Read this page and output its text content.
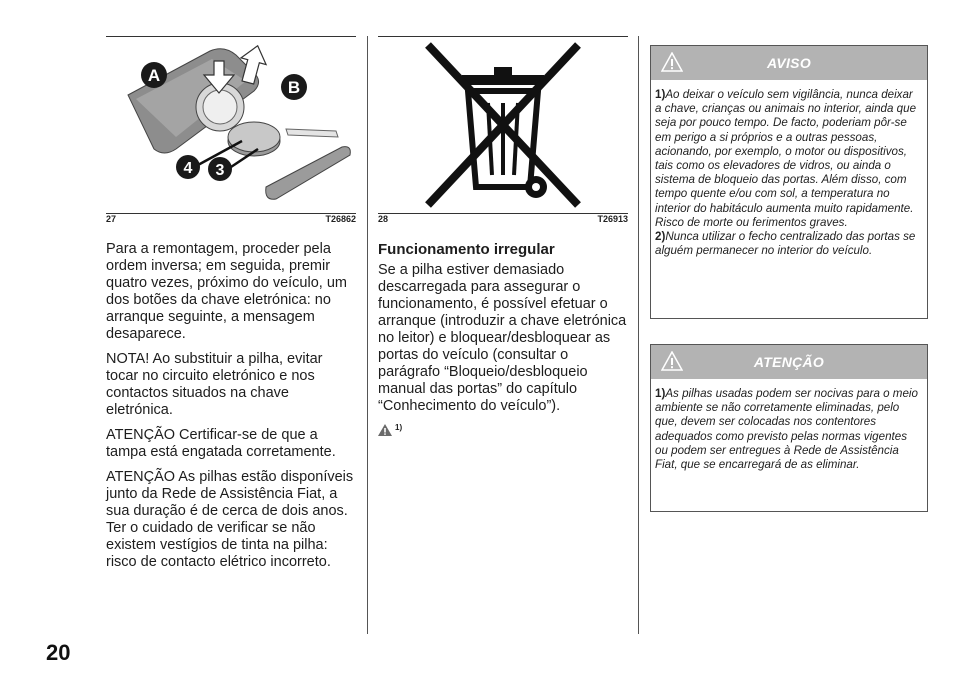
20
A
B
4 3
27	T26862 28	T26913

Para a remontagem, proceder pela ordem inversa; em seguida, premir quatro vezes, próximo do veículo, um dos botões da chave eletrónica: no arranque seguinte, a mensagem desaparece.

NOTA! Ao substituir a pilha, evitar tocar no circuito eletrónico e nos contactos situados na chave eletrónica.

ATENÇÃO Certificar-se de que a tampa está engatada corretamente.

ATENÇÃO As pilhas estão disponíveis junto da Rede de Assistência Fiat, a sua duração é de cerca de dois anos. Ter o cuidado de verificar se não existem vestígios de tinta na pilha: risco de contacto elétrico incorreto.

Funcionamento irregular

Se a pilha estiver demasiado descarregada para assegurar o funcionamento, é possível efetuar o arranque (introduzir a chave eletrónica no leitor) e bloquear/desbloquear as portas do veículo (consultar o parágrafo “Bloqueio/desbloqueio manual das portas” do capítulo “Conhecimento do veículo”).

1)
AVISO

1)Ao deixar o veículo sem vigilância, nunca deixar a chave, crianças ou animais no interior, ainda que seja por pouco tempo. De facto, poderiam pôr-se em perigo a si próprios e a outras pessoas, acionando, por exemplo, o motor ou dispositivos, tais como os elevadores de vidros, ou ainda o sistema de bloqueio das portas. Além disso, com tempo quente e/ou com sol, a temperatura no interior do habitáculo aumenta muito rapidamente. Risco de morte ou ferimentos graves.

2)Nunca utilizar o fecho centralizado das portas se alguém permanecer no interior do veículo.

ATENÇÃO

1)As pilhas usadas podem ser nocivas para o meio ambiente se não corretamente eliminadas, pelo que, devem ser colocadas nos contentores adequados como previsto pelas normas vigentes ou podem ser entregues à Rede de Assistência Fiat, que se encarregará de as eliminar.
